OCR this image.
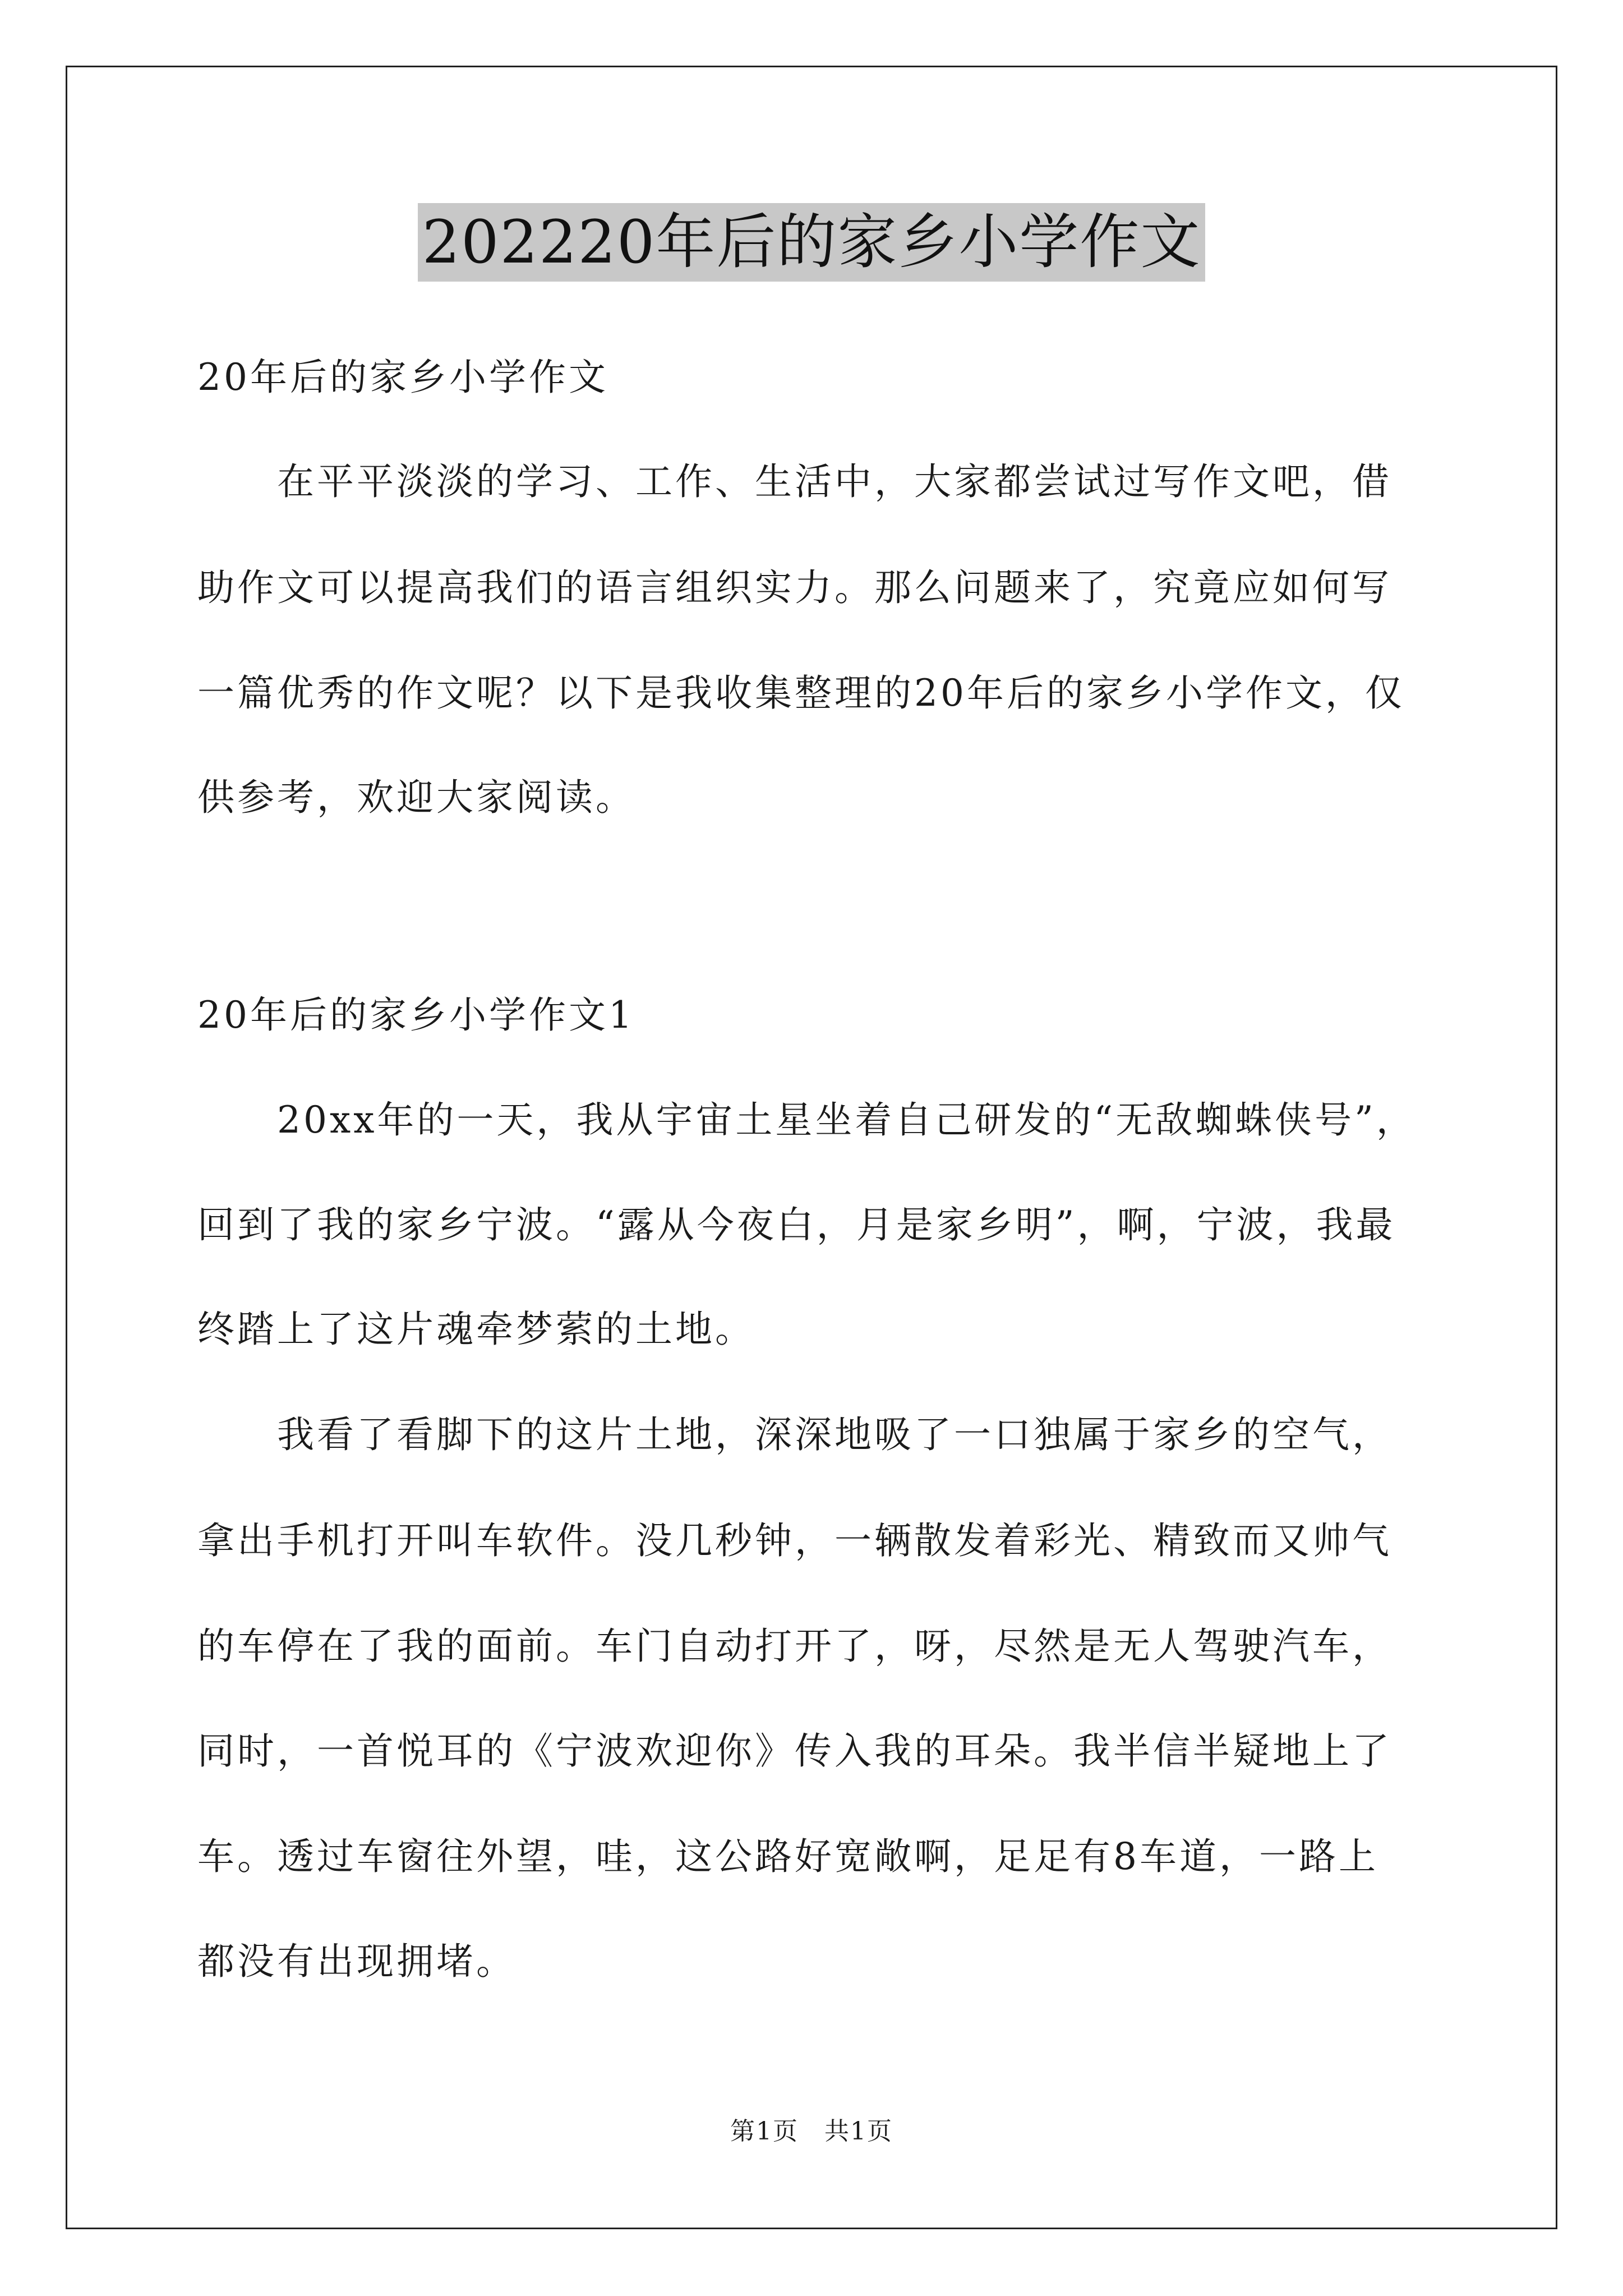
202220年后的家乡小学作文
20年后的家乡小学作文
　　在平平淡淡的学习、工作、生活中，大家都尝试过写作文吧，借
助作文可以提高我们的语言组织实力。那么问题来了，究竟应如何写
一篇优秀的作文呢？以下是我收集整理的20年后的家乡小学作文，仅
供参考，欢迎大家阅读。
20年后的家乡小学作文1
　　20xx年的一天，我从宇宙土星坐着自己研发的“无敌蜘蛛侠号”，
回到了我的家乡宁波。“露从今夜白，月是家乡明”，啊，宁波，我最
终踏上了这片魂牵梦萦的土地。
　　我看了看脚下的这片土地，深深地吸了一口独属于家乡的空气，
拿出手机打开叫车软件。没几秒钟，一辆散发着彩光、精致而又帅气
的车停在了我的面前。车门自动打开了，呀，尽然是无人驾驶汽车，
同时，一首悦耳的《宁波欢迎你》传入我的耳朵。我半信半疑地上了
车。透过车窗往外望，哇，这公路好宽敞啊，足足有8车道，一路上
都没有出现拥堵。
第1页　共1页
